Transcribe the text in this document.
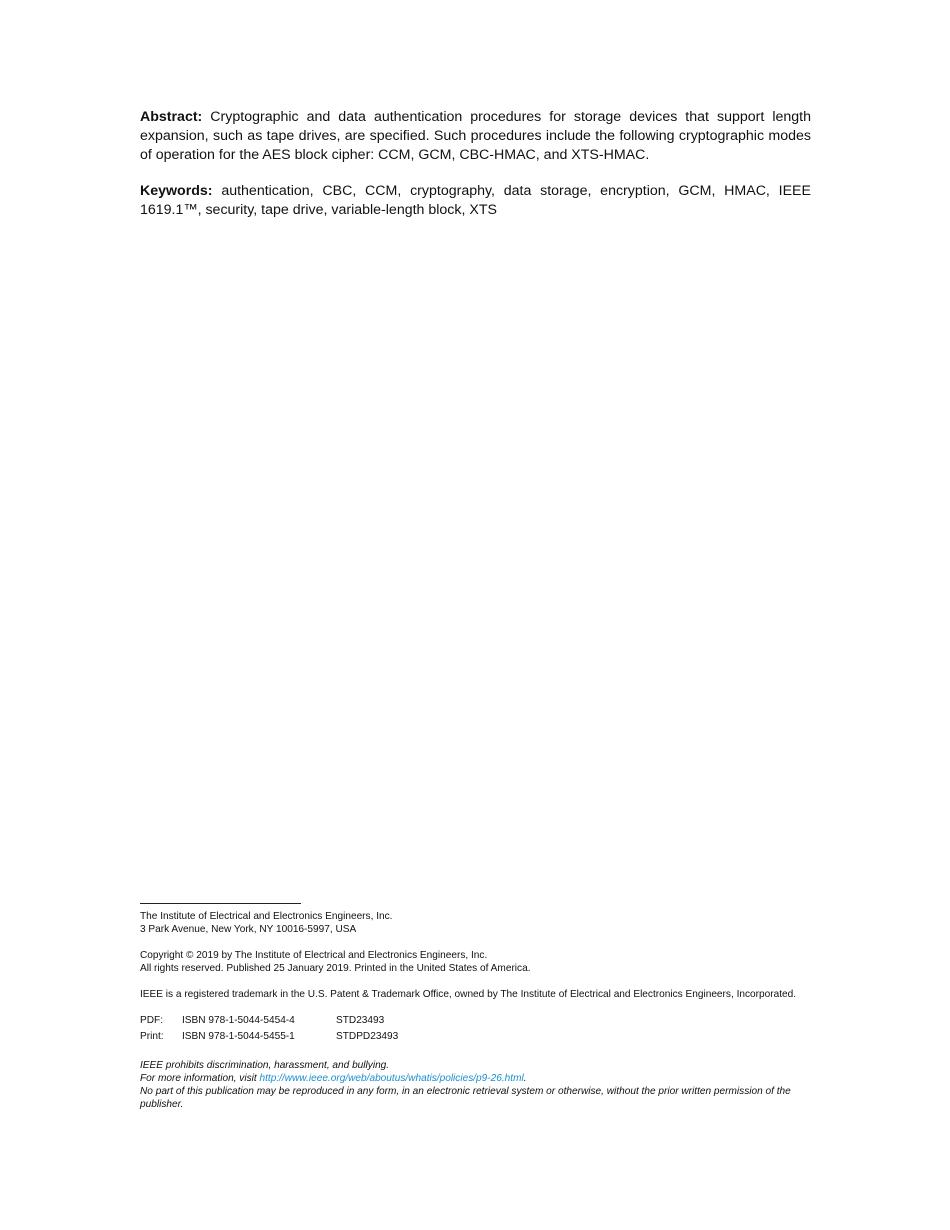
Abstract: Cryptographic and data authentication procedures for storage devices that support length expansion, such as tape drives, are specified. Such procedures include the following cryptographic modes of operation for the AES block cipher: CCM, GCM, CBC-HMAC, and XTS-HMAC.

Keywords: authentication, CBC, CCM, cryptography, data storage, encryption, GCM, HMAC, IEEE 1619.1™, security, tape drive, variable-length block, XTS

The Institute of Electrical and Electronics Engineers, Inc.
3 Park Avenue, New York, NY 10016-5997, USA
Copyright © 2019 by The Institute of Electrical and Electronics Engineers, Inc.
All rights reserved. Published 25 January 2019. Printed in the United States of America.
IEEE is a registered trademark in the U.S. Patent & Trademark Office, owned by The Institute of Electrical and Electronics Engineers, Incorporated.
PDF:	ISBN 978-1-5044-5454-4	STD23493
Print:	ISBN 978-1-5044-5455-1	STDPD23493
IEEE prohibits discrimination, harassment, and bullying.
For more information, visit http://www.ieee.org/web/aboutus/whatis/policies/p9-26.html.
No part of this publication may be reproduced in any form, in an electronic retrieval system or otherwise, without the prior written permission of the publisher.
